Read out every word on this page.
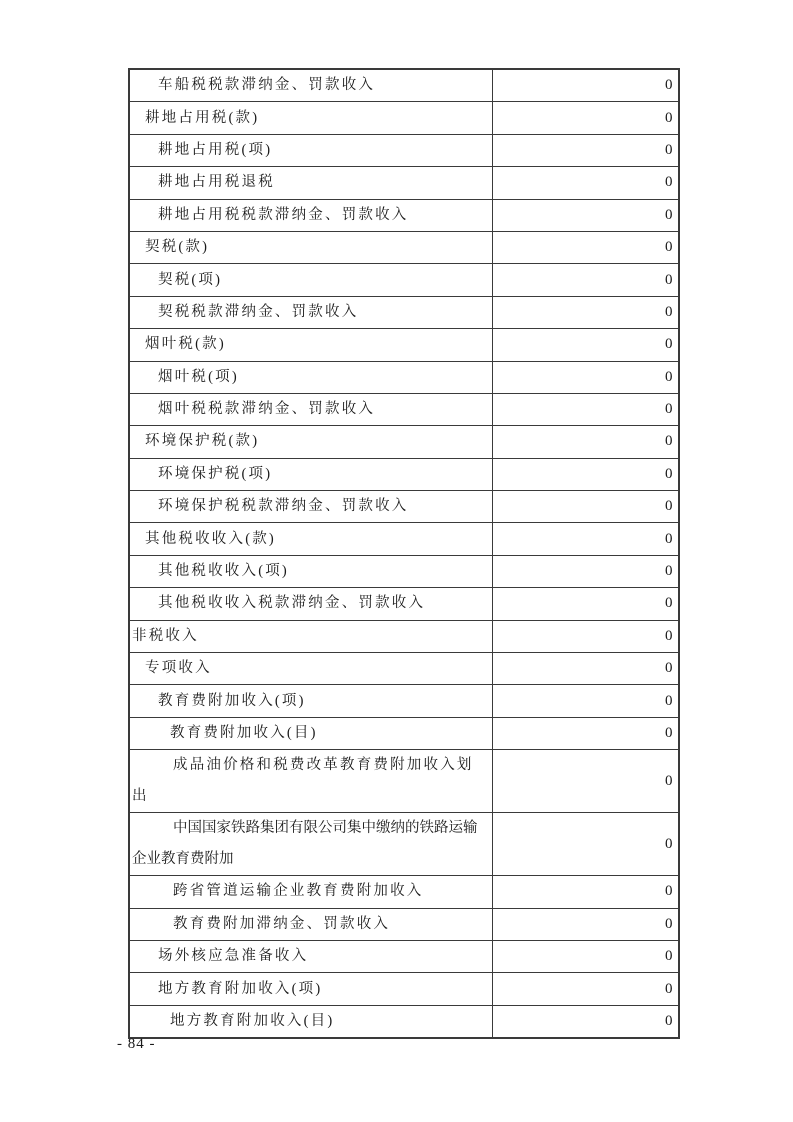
车船税税款滞纳金、罚款收入	0
耕地占用税(款)	0
耕地占用税(项)	0
耕地占用税退税	0
耕地占用税税款滞纳金、罚款收入	0
契税(款)	0
契税(项)	0
契税税款滞纳金、罚款收入	0
烟叶税(款)	0
烟叶税(项)	0
烟叶税税款滞纳金、罚款收入	0
环境保护税(款)	0
环境保护税(项)	0
环境保护税税款滞纳金、罚款收入	0
其他税收收入(款)	0
其他税收收入(项)	0
其他税收收入税款滞纳金、罚款收入	0
非税收入	0
专项收入	0
教育费附加收入(项)	0
教育费附加收入(目)	0
成品油价格和税费改革教育费附加收入划出	0
中国国家铁路集团有限公司集中缴纳的铁路运输企业教育费附加	0
跨省管道运输企业教育费附加收入	0
教育费附加滞纳金、罚款收入	0
场外核应急准备收入	0
地方教育附加收入(项)	0
地方教育附加收入(目)	0
- 84 -
